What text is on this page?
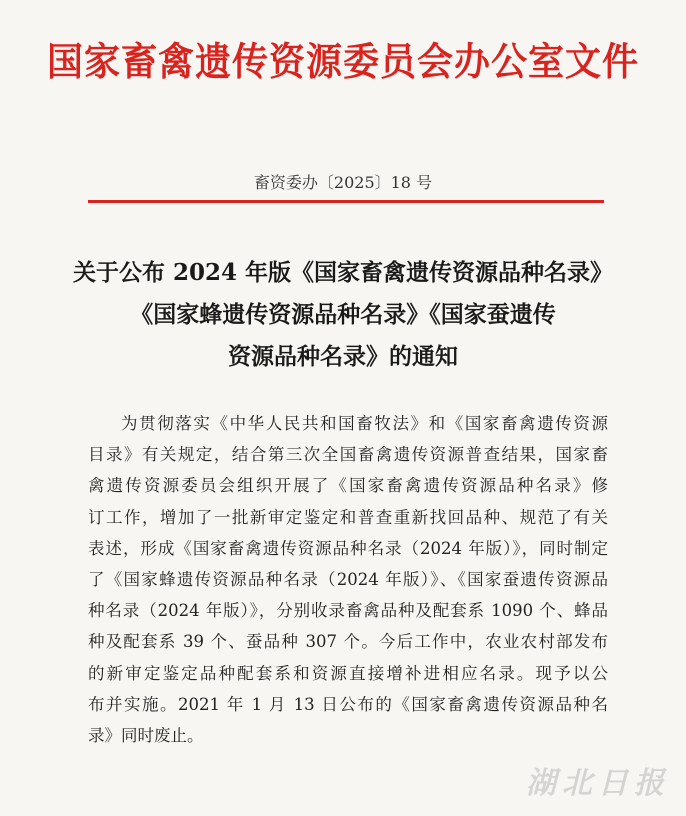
国家畜禽遗传资源委员会办公室文件
畜资委办〔2025〕18 号
关于公布 2024 年版《国家畜禽遗传资源品种名录》
《国家蜂遗传资源品种名录》《国家蚕遗传
资源品种名录》的通知
为贯彻落实《中华人民共和国畜牧法》和《国家畜禽遗传资源
目录》有关规定，结合第三次全国畜禽遗传资源普查结果，国家畜
禽遗传资源委员会组织开展了《国家畜禽遗传资源品种名录》修
订工作，增加了一批新审定鉴定和普查重新找回品种、规范了有关
表述，形成《国家畜禽遗传资源品种名录（2024 年版）》，同时制定
了《国家蜂遗传资源品种名录（2024 年版）》、《国家蚕遗传资源品
种名录（2024 年版）》，分别收录畜禽品种及配套系 1090 个、蜂品
种及配套系 39 个、蚕品种 307 个。今后工作中，农业农村部发布
的新审定鉴定品种配套系和资源直接增补进相应名录。现予以公
布并实施。2021 年 1 月 13 日公布的《国家畜禽遗传资源品种名
录》同时废止。
湖北日报
